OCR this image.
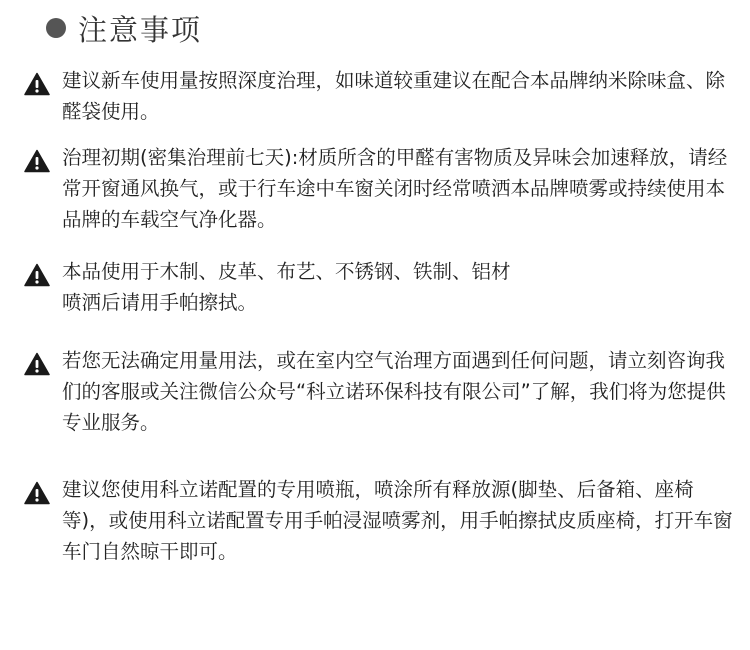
注意事项
建议新车使用量按照深度治理，如味道较重建议在配合本品牌纳米除味盒、除醛袋使用。
治理初期(密集治理前七天):材质所含的甲醛有害物质及异味会加速释放，请经常开窗通风换气，或于行车途中车窗关闭时经常喷洒本品牌喷雾或持续使用本品牌的车载空气净化器。
本品使用于木制、皮革、布艺、不锈钢、铁制、铝材
喷洒后请用手帕擦拭。
若您无法确定用量用法，或在室内空气治理方面遇到任何问题，请立刻咨询我们的客服或关注微信公众号“科立诺环保科技有限公司”了解，我们将为您提供专业服务。
建议您使用科立诺配置的专用喷瓶，喷涂所有释放源(脚垫、后备箱、座椅等)，或使用科立诺配置专用手帕浸湿喷雾剂，用手帕擦拭皮质座椅，打开车窗车门自然晾干即可。
